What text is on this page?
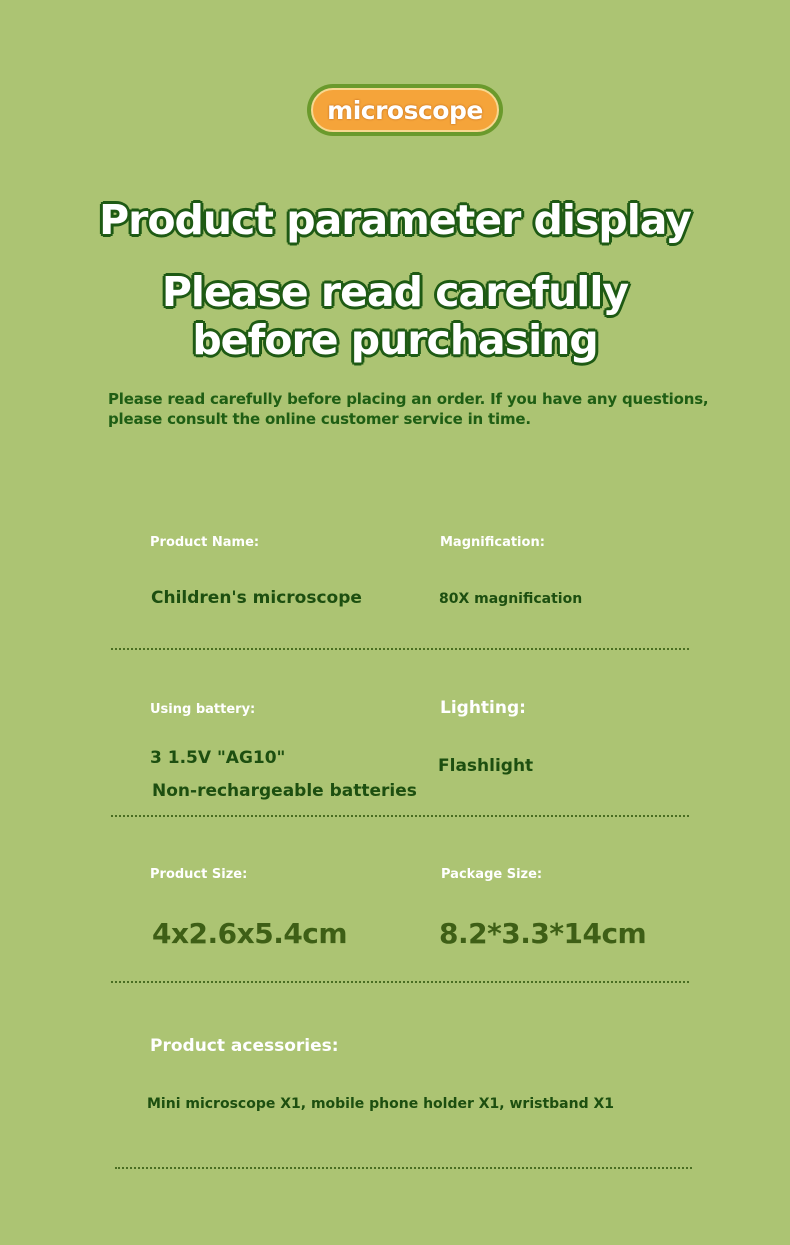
microscope
Product parameter display
Please read carefully
before purchasing
Please read carefully before placing an order. If you have any questions,
please consult the online customer service in time.
Product Name:
Children's microscope
Magnification:
80X magnification
Using battery:
3 1.5V "AG10"
Non-rechargeable batteries
Lighting:
Flashlight
Product Size:
4x2.6x5.4cm
Package Size:
8.2*3.3*14cm
Product acessories:
Mini microscope X1, mobile phone holder X1, wristband X1
